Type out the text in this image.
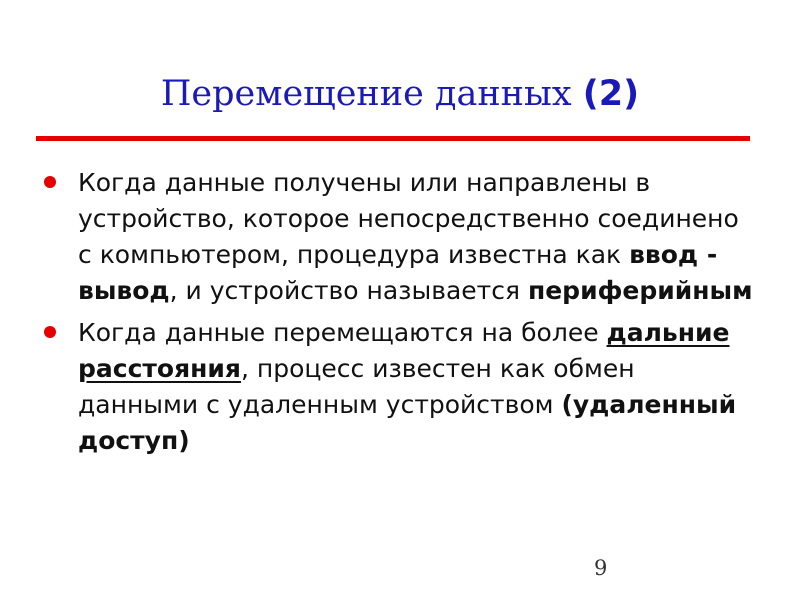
Перемещение данных (2)
Когда данные получены или направлены в устройство, которое непосредственно соединено с компьютером, процедура известна как ввод - вывод, и устройство называется периферийным
Когда данные перемещаются на более дальние расстояния, процесс известен как обмен данными с удаленным устройством (удаленный доступ)
9
